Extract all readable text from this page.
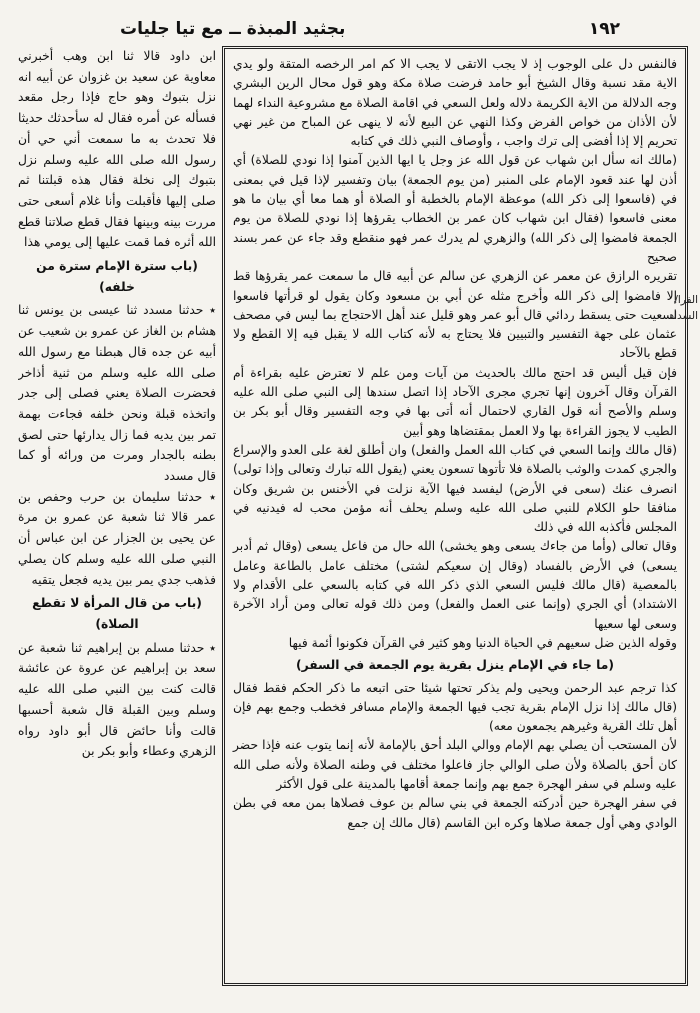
١٩٢
بجثيد المبذة ــ مع تيا جليات

فالنفس دل على الوجوب إذ لا يجب الاتقى لا يجب الا كم امر الرخصه المتقة ولو يدي الاية مقد نسبة وقال الشيخ أبو حامد فرضت صلاة مكة وهو قول محال الرين البشري وجه الدلالة من الاية الكريمة دلاله ولعل السعي في اقامة الصلاة مع مشروعية النداء لهما لأن الأذان من خواص الفرض وكذا النهي عن البيع لأنه لا ينهى عن المباح من غير نهي تحريم إلا إذا أفضى إلى ترك واجب ، وأوصاف النبي ذلك في كتابه

(مالك انه سأل ابن شهاب عن قول الله عز وجل يا ايها الذين آمنوا إذا نودي للصلاة) أي أذن لها عند قعود الإمام على المنبر (من يوم الجمعة) بيان وتفسير لإذا قيل في بمعنى في (فاسعوا إلى ذكر الله) موعظة الإمام بالخطبة أو الصلاة أو هما معا أي بيان ما هو معنى فاسعوا (فقال ابن شهاب كان عمر بن الخطاب يقرؤها إذا نودي للصلاة من يوم الجمعة فامضوا إلى ذكر الله) والزهري لم يدرك عمر فهو منقطع وقد جاء عن عمر بسند صحيح

تقريره الرازق عن معمر عن الزهري عن سالم عن أبيه قال ما سمعت عمر يقرؤها قط إلا فامضوا إلى ذكر الله وأخرج مثله عن أبي بن مسعود وكان يقول لو قرأتها فاسعوا لسعيت حتى يسقط ردائي قال أبو عمر وهو قليل عند أهل الاحتجاج بما ليس في مصحف عثمان على جهة التفسير والتبيين فلا يحتاج به لأنه كتاب الله لا يقبل فيه إلا القطع ولا قطع بالآحاد

فإن قيل أليس قد احتج مالك بالحديث من آيات ومن علم لا تعترض عليه بقراءة أم القرآن وقال آخرون إنها تجري مجرى الآحاد إذا اتصل سندها إلى النبي صلى الله عليه وسلم والأصح أنه قول القاري لاحتمال أنه أتى بها في وجه التفسير وقال أبو بكر بن الطيب لا يجوز القراءة بها ولا العمل بمقتضاها وهو أبين

(قال مالك وإنما السعي في كتاب الله العمل والفعل) وان أطلق لغة على العدو والإسراع والجري كمدت والوثب بالصلاة فلا تأتوها تسعون يعني (يقول الله تبارك وتعالى وإذا تولى) انصرف عنك (سعى في الأرض) ليفسد فيها الآية نزلت في الأخنس بن شريق وكان منافقا حلو الكلام للنبي صلى الله عليه وسلم يحلف أنه مؤمن محب له فيدنيه في المجلس فأكذبه الله في ذلك

وقال تعالى (وأما من جاءك يسعى وهو يخشى) الله حال من فاعل يسعى (وقال ثم أدبر يسعى) في الأرض بالفساد (وقال إن سعيكم لشتى) مختلف عامل بالطاعة وعامل بالمعصية (قال مالك فليس السعي الذي ذكر الله في كتابه بالسعي على الأقدام ولا الاشتداد) أي الجري (وإنما عنى العمل والفعل) ومن ذلك قوله تعالى ومن أراد الآخرة وسعى لها سعيها

وقوله الذين ضل سعيهم في الحياة الدنيا وهو كثير في القرآن فكونوا أئمة فيها

(ما جاء في الإمام ينزل بقرية يوم الجمعة في السفر)

كذا ترجم عبد الرحمن ويحيى ولم يذكر تحتها شيئا حتى اتبعه ما ذكر الحكم فقط فقال (قال مالك إذا نزل الإمام بقرية تجب فيها الجمعة والإمام مسافر فخطب وجمع بهم فإن أهل تلك القرية وغيرهم يجمعون معه)

لأن المستحب أن يصلي بهم الإمام ووالي البلد أحق بالإمامة لأنه إنما يتوب عنه فإذا حضر كان أحق بالصلاة ولأن صلى الوالي جاز فاعلوا مختلف في وطنه الصلاة ولأنه صلى الله عليه وسلم في سفر الهجرة جمع بهم وإنما جمعة أقامها بالمدينة على قول الأكثر

في سفر الهجرة حين أدركته الجمعة في بني سالم بن عوف فصلاها بمن معه في بطن الوادي وهي أول جمعة صلاها وكره ابن القاسم (قال مالك إن جمع

الفرا/ السداد

ابن داود قالا ثنا ابن وهب أخبرني معاوية عن سعيد بن غزوان عن أبيه انه نزل بتبوك وهو حاج فإذا رجل مقعد فسأله عن أمره فقال له سأحدثك حديثا فلا تحدث به ما سمعت أني حي أن رسول الله صلى الله عليه وسلم نزل بتبوك إلى نخلة فقال هذه قبلتنا ثم صلى إليها فأقبلت وأنا غلام أسعى حتى مررت بينه وبينها فقال قطع صلاتنا قطع الله أثره فما قمت عليها إلى يومي هذا

(باب سترة الإمام سترة من خلفه)

٭ حدثنا مسدد ثنا عيسى بن يونس ثنا هشام بن الغاز عن عمرو بن شعيب عن أبيه عن جده قال هبطنا مع رسول الله صلى الله عليه وسلم من ثنية أذاخر فحضرت الصلاة يعني فصلى إلى جدر واتخذه قبلة ونحن خلفه فجاءت بهمة تمر بين يديه فما زال يدارئها حتى لصق بطنه بالجدار ومرت من ورائه أو كما قال مسدد

٭ حدثنا سليمان بن حرب وحفص بن عمر قالا ثنا شعبة عن عمرو بن مرة عن يحيى بن الجزار عن ابن عباس أن النبي صلى الله عليه وسلم كان يصلي فذهب جدي يمر بين يديه فجعل يتقيه

(باب من قال المرأة لا تقطع الصلاة)

٭ حدثنا مسلم بن إبراهيم ثنا شعبة عن سعد بن إبراهيم عن عروة عن عائشة قالت كنت بين النبي صلى الله عليه وسلم وبين القبلة قال شعبة أحسبها قالت وأنا حائض قال أبو داود رواه الزهري وعطاء وأبو بكر بن
